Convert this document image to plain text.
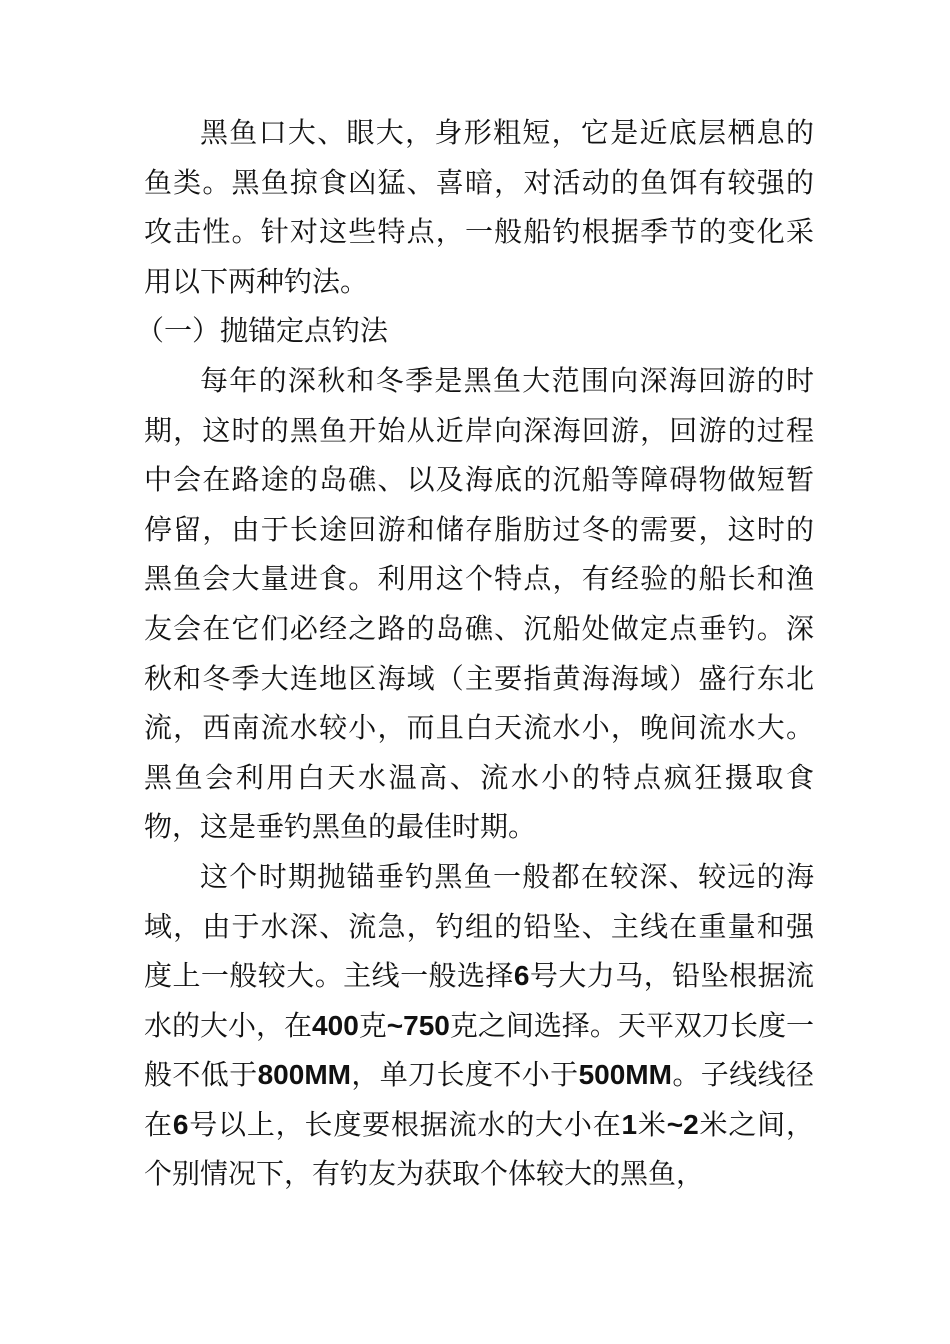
黑鱼口大、眼大，身形粗短，它是近底层栖息的鱼类。黑鱼掠食凶猛、喜暗，对活动的鱼饵有较强的攻击性。针对这些特点，一般船钓根据季节的变化采用以下两种钓法。

（一）抛锚定点钓法

每年的深秋和冬季是黑鱼大范围向深海回游的时期，这时的黑鱼开始从近岸向深海回游，回游的过程中会在路途的岛礁、以及海底的沉船等障碍物做短暂停留，由于长途回游和储存脂肪过冬的需要，这时的黑鱼会大量进食。利用这个特点，有经验的船长和渔友会在它们必经之路的岛礁、沉船处做定点垂钓。深秋和冬季大连地区海域（主要指黄海海域）盛行东北流，西南流水较小，而且白天流水小，晚间流水大。黑鱼会利用白天水温高、流水小的特点疯狂摄取食物，这是垂钓黑鱼的最佳时期。

这个时期抛锚垂钓黑鱼一般都在较深、较远的海域，由于水深、流急，钓组的铅坠、主线在重量和强度上一般较大。主线一般选择6号大力马，铅坠根据流水的大小，在400克~750克之间选择。天平双刀长度一般不低于800MM，单刀长度不小于500MM。子线线径在6号以上，长度要根据流水的大小在1米~2米之间，个别情况下，有钓友为获取个体较大的黑鱼，
